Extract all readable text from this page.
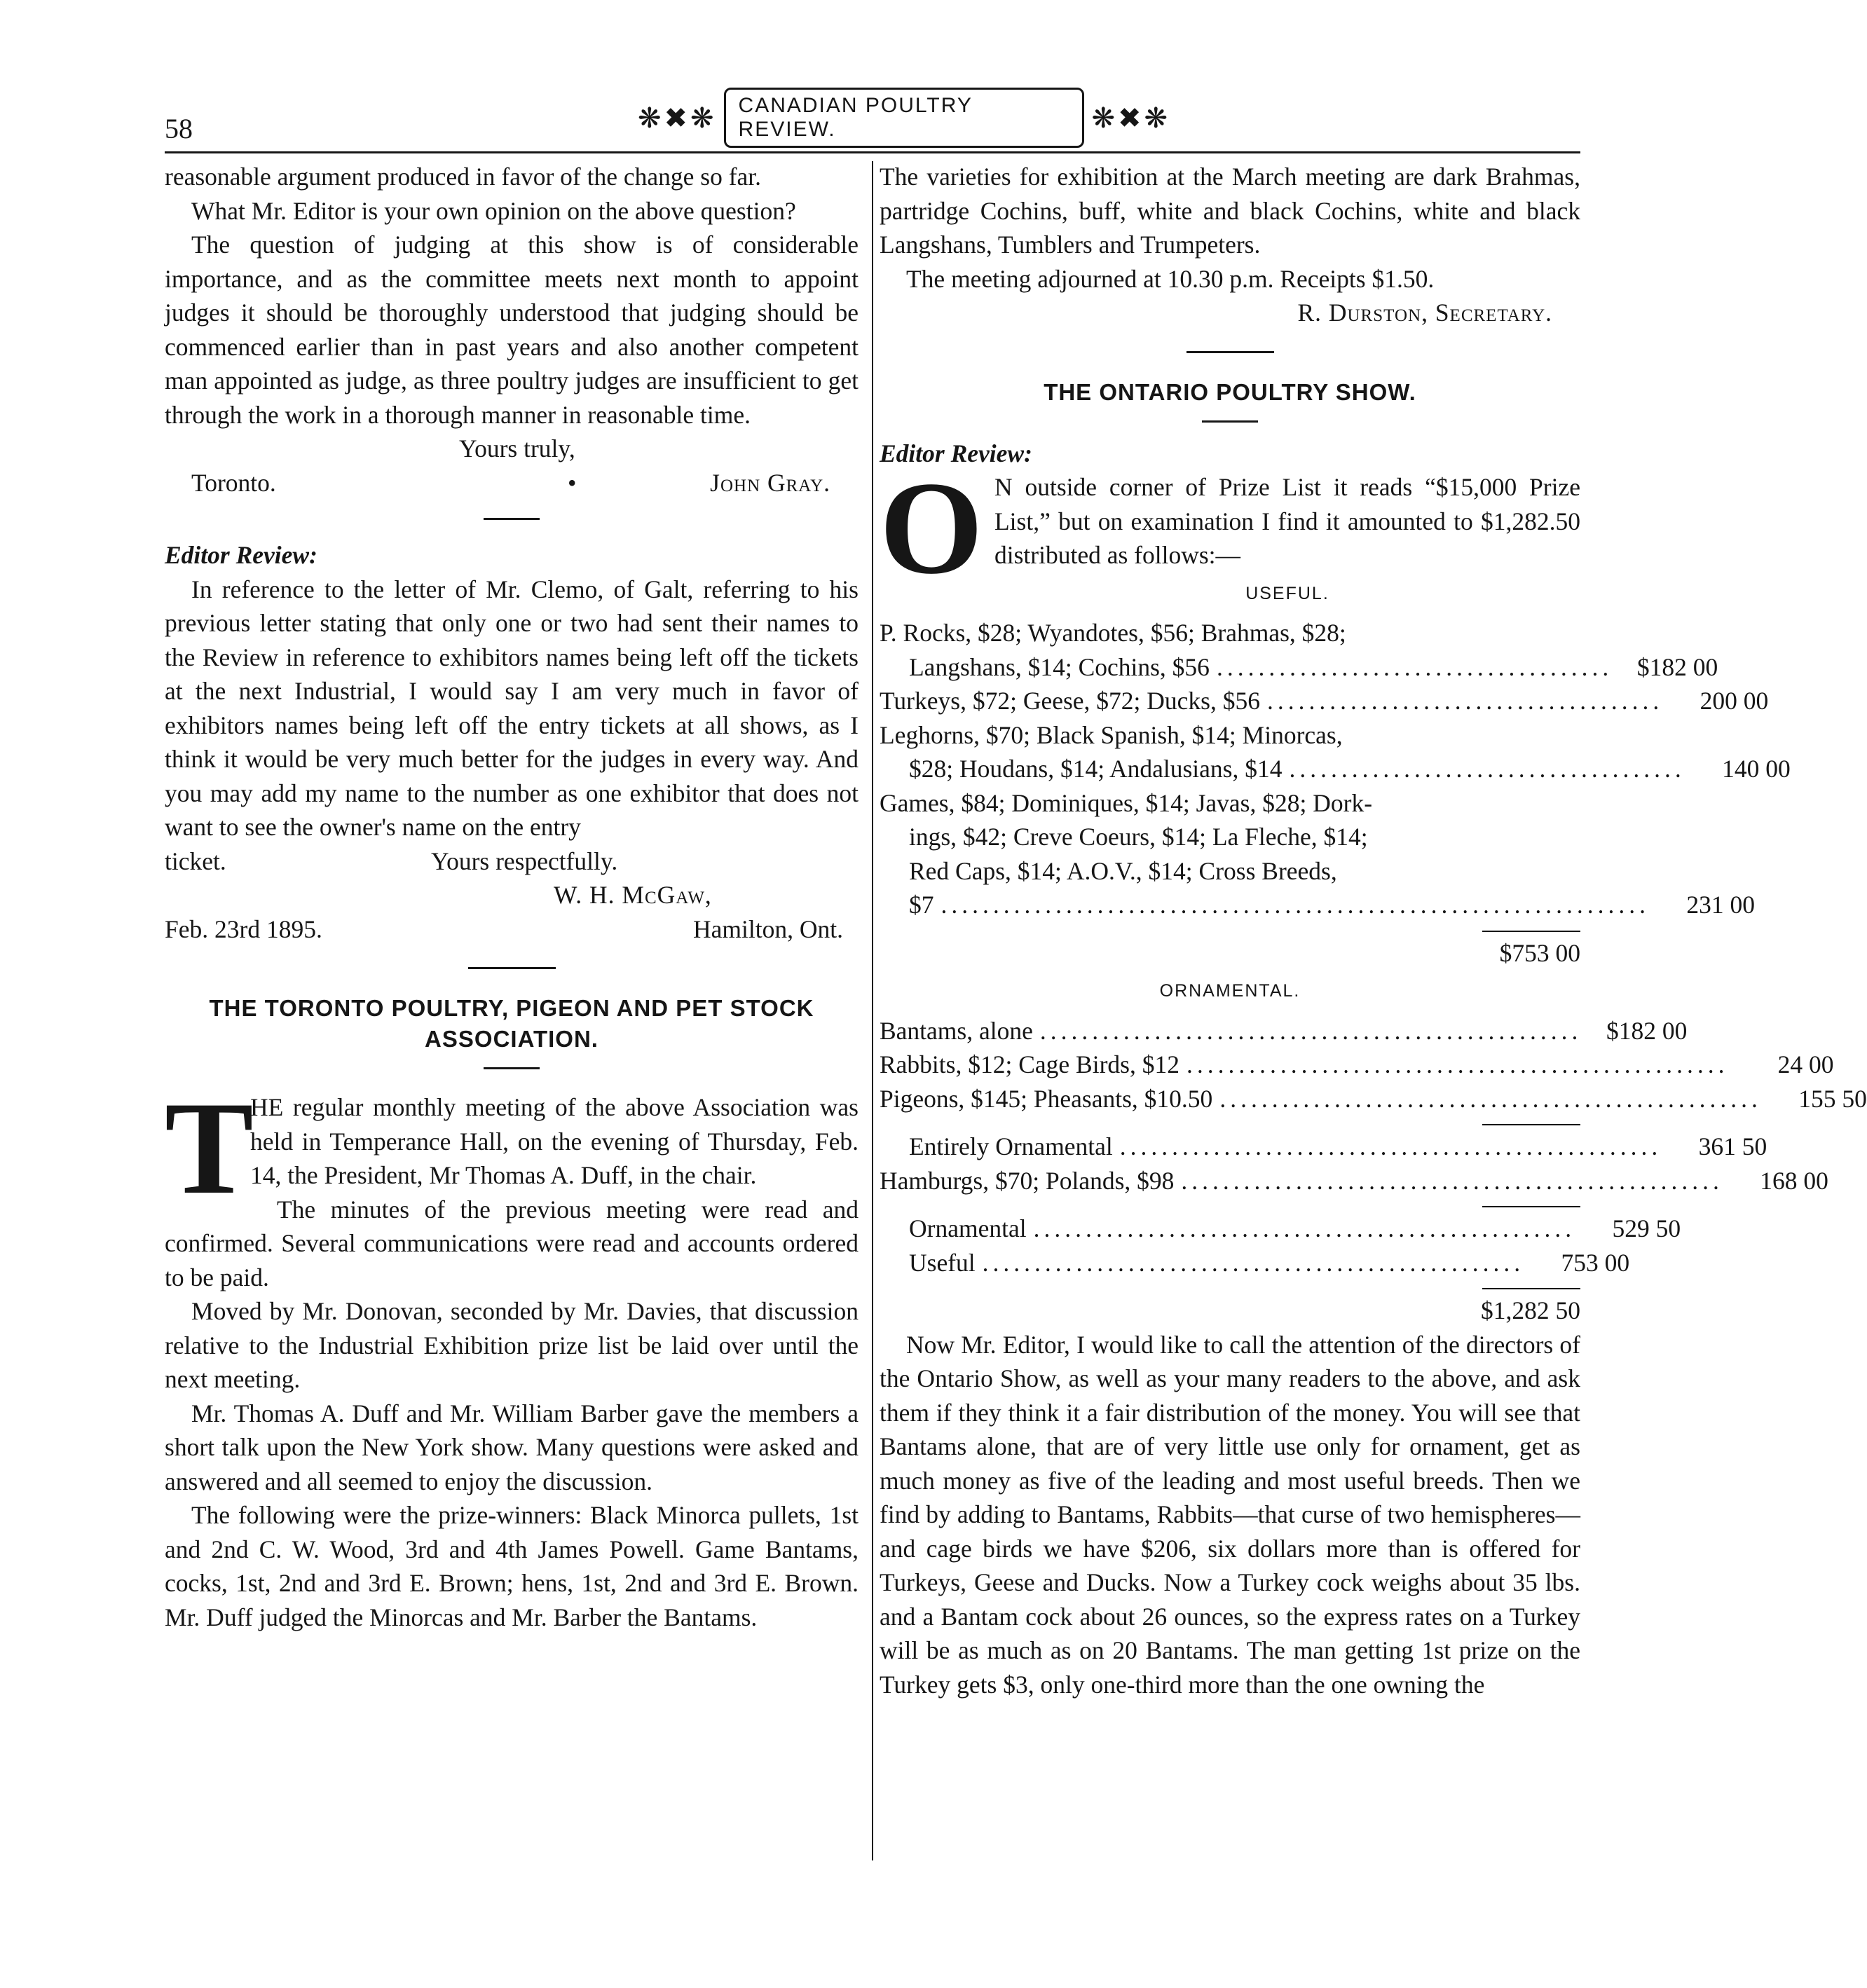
58	❋✖❋	CANADIAN POULTRY REVIEW.	❋✖❋

reasonable argument produced in favor of the change so far.

What Mr. Editor is your own opinion on the above question?

The question of judging at this show is of considerable importance, and as the committee meets next month to appoint judges it should be thoroughly understood that judging should be commenced earlier than in past years and also another competent man appointed as judge, as three poultry judges are insufficient to get through the work in a thorough manner in reasonable time.

Yours truly,
Toronto.	•	John Gray.

Editor Review:

In reference to the letter of Mr. Clemo, of Galt, referring to his previous letter stating that only one or two had sent their names to the Review in reference to exhibitors names being left off the tickets at the next Industrial, I would say I am very much in favor of exhibitors names being left off the entry tickets at all shows, as I think it would be very much better for the judges in every way. And you may add my name to the number as one exhibitor that does not want to see the owner's name on the entry

ticket.	Yours respectfully.
W. H. McGaw,
Feb. 23rd 1895.	Hamilton, Ont.
THE TORONTO POULTRY, PIGEON AND PET STOCK ASSOCIATION.
T

HE regular monthly meeting of the above Association was held in Temperance Hall, on the evening of Thursday, Feb. 14, the President, Mr Thomas A. Duff, in the chair.

The minutes of the previous meeting were read and confirmed. Several communications were read and accounts ordered to be paid.

Moved by Mr. Donovan, seconded by Mr. Davies, that discussion relative to the Industrial Exhibition prize list be laid over until the next meeting.

Mr. Thomas A. Duff and Mr. William Barber gave the members a short talk upon the New York show. Many questions were asked and answered and all seemed to enjoy the discussion.

The following were the prize-winners: Black Minorca pullets, 1st and 2nd C. W. Wood, 3rd and 4th James Powell. Game Bantams, cocks, 1st, 2nd and 3rd E. Brown; hens, 1st, 2nd and 3rd E. Brown. Mr. Duff judged the Minorcas and Mr. Barber the Bantams.

The varieties for exhibition at the March meeting are dark Brahmas, partridge Cochins, buff, white and black Cochins, white and black Langshans, Tumblers and Trumpeters.

The meeting adjourned at 10.30 p.m. Receipts $1.50.

R. Durston, Secretary.
THE ONTARIO POULTRY SHOW.

Editor Review:

O N outside corner of Prize List it reads “$15,000 Prize List,” but on examination I find it amounted to $1,282.50 distributed as follows:—

USEFUL.
P. Rocks, $28; Wyandotes, $56; Brahmas, $28;
Langshans, $14; Cochins, $56 ...................................... $182 00
Turkeys, $72; Geese, $72; Ducks, $56 ......................................	200 00
Leghorns, $70; Black Spanish, $14; Minorcas,
$28; Houdans, $14; Andalusians, $14 ......................................	140 00
Games, $84; Dominiques, $14; Javas, $28; Dork-
ings, $42; Creve Coeurs, $14; La Fleche, $14;
Red Caps, $14; A.O.V., $14; Cross Breeds,
$7 ....................................................................	231 00
$753 00
ORNAMENTAL.
Bantams, alone .................................................... $182 00
Rabbits, $12; Cage Birds, $12 ....................................................	24 00
Pigeons, $145; Pheasants, $10.50 ....................................................	155 50
Entirely Ornamental ....................................................	361 50
Hamburgs, $70; Polands, $98 ....................................................	168 00
Ornamental ....................................................	529 50
Useful ....................................................	753 00
$1,282 50

Now Mr. Editor, I would like to call the attention of the directors of the Ontario Show, as well as your many readers to the above, and ask them if they think it a fair distribution of the money. You will see that Bantams alone, that are of very little use only for ornament, get as much money as five of the leading and most useful breeds. Then we find by adding to Bantams, Rabbits—that curse of two hemispheres—and cage birds we have $206, six dollars more than is offered for Turkeys, Geese and Ducks. Now a Turkey cock weighs about 35 lbs. and a Bantam cock about 26 ounces, so the express rates on a Turkey will be as much as on 20 Bantams. The man getting 1st prize on the Turkey gets $3, only one-third more than the one owning the
